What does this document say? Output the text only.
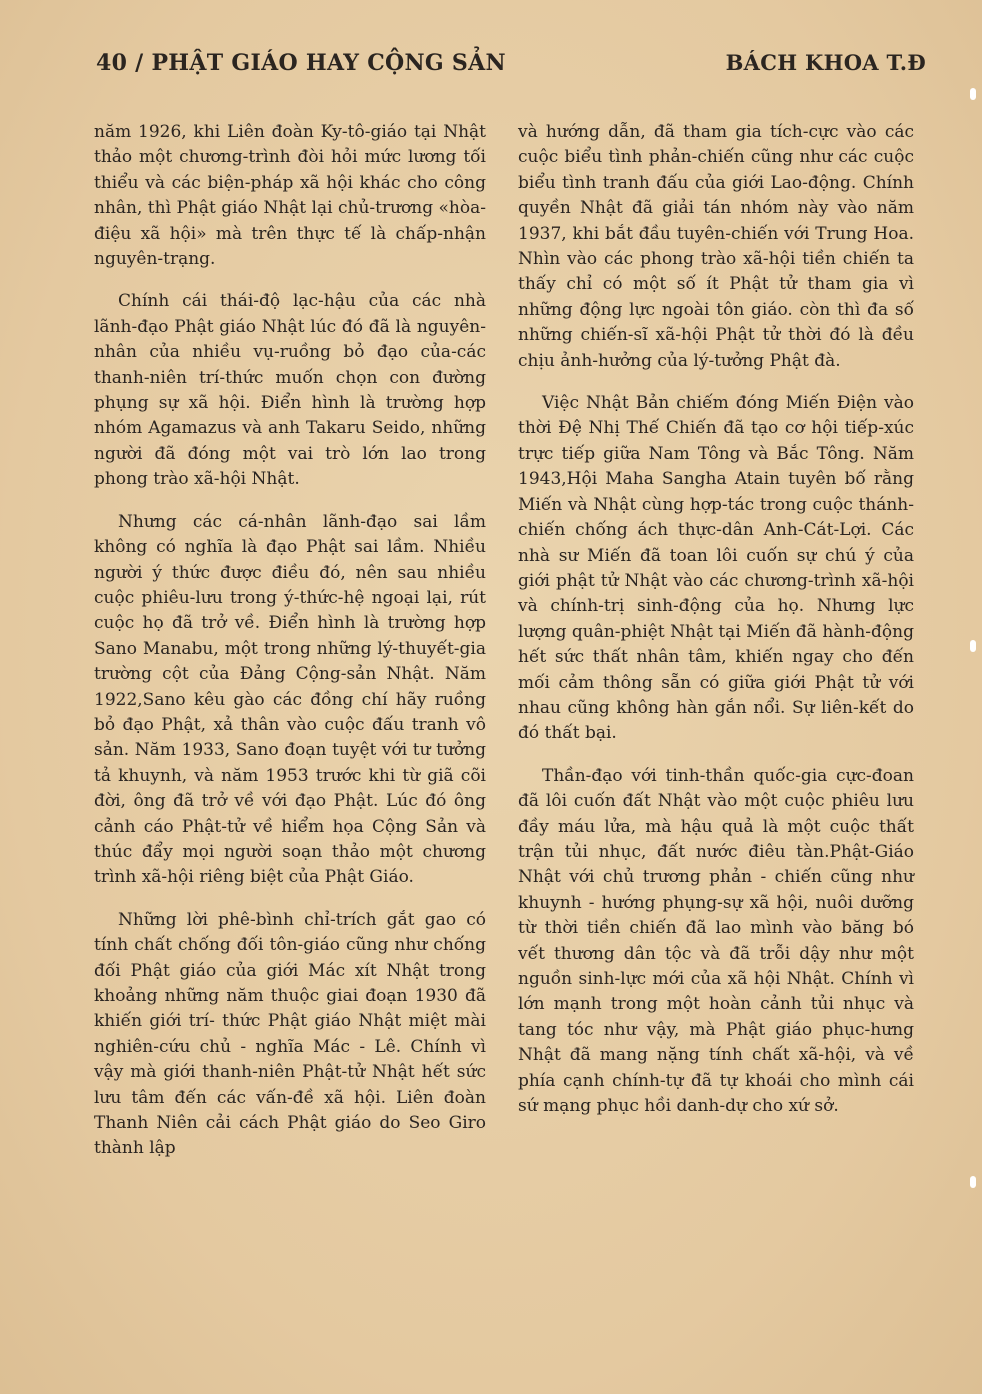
40 / PHẬT GIÁO HAY CỘNG SẢN	BÁCH KHOA T.Đ

năm 1926, khi Liên đoàn Ky-tô-giáo tại Nhật thảo một chương-trình đòi hỏi mức lương tối thiểu và các biện-pháp xã hội khác cho công nhân, thì Phật giáo Nhật lại chủ-trương «hòa-điệu xã hội» mà trên thực tế là chấp-nhận nguyên-trạng.

Chính cái thái-độ lạc-hậu của các nhà lãnh-đạo Phật giáo Nhật lúc đó đã là nguyên-nhân của nhiều vụ-ruồng bỏ đạo của-các thanh-niên trí-thức muốn chọn con đường phụng sự xã hội. Điển hình là trường hợp nhóm Agamazus và anh Takaru Seido, những người đã đóng một vai trò lớn lao trong phong trào xã-hội Nhật.

Nhưng các cá-nhân lãnh-đạo sai lầm không có nghĩa là đạo Phật sai lầm. Nhiều người ý thức được điều đó, nên sau nhiều cuộc phiêu-lưu trong ý-thức-hệ ngoại lại, rút cuộc họ đã trở về. Điển hình là trường hợp Sano Manabu, một trong những lý-thuyết-gia trường cột của Đảng Cộng-sản Nhật. Năm 1922,Sano kêu gào các đồng chí hãy ruồng bỏ đạo Phật, xả thân vào cuộc đấu tranh vô sản. Năm 1933, Sano đoạn tuyệt với tư tưởng tả khuynh, và năm 1953 trước khi từ giã cõi đời, ông đã trở về với đạo Phật. Lúc đó ông cảnh cáo Phật-tử về hiểm họa Cộng Sản và thúc đẩy mọi người soạn thảo một chương trình xã-hội riêng biệt của Phật Giáo.

Những lời phê-bình chỉ-trích gắt gao có tính chất chống đối tôn-giáo cũng như chống đối Phật giáo của giới Mác xít Nhật trong khoảng những năm thuộc giai đoạn 1930 đã khiến giới trí- thức Phật giáo Nhật miệt mài nghiên-cứu chủ - nghĩa Mác - Lê. Chính vì vậy mà giới thanh-niên Phật-tử Nhật hết sức lưu tâm đến các vấn-đề xã hội. Liên đoàn Thanh Niên cải cách Phật giáo do Seo Giro thành lập

và hướng dẫn, đã tham gia tích-cực vào các cuộc biểu tình phản-chiến cũng như các cuộc biểu tình tranh đấu của giới Lao-động. Chính quyền Nhật đã giải tán nhóm này vào năm 1937, khi bắt đầu tuyên-chiến với Trung Hoa. Nhìn vào các phong trào xã-hội tiền chiến ta thấy chỉ có một số ít Phật tử tham gia vì những động lực ngoài tôn giáo. còn thì đa số những chiến-sĩ xã-hội Phật tử thời đó là đều chịu ảnh-hưởng của lý-tưởng Phật đà.

Việc Nhật Bản chiếm đóng Miến Điện vào thời Đệ Nhị Thế Chiến đã tạo cơ hội tiếp-xúc trực tiếp giữa Nam Tông và Bắc Tông. Năm 1943,Hội Maha Sangha Atain tuyên bố rằng Miến và Nhật cùng hợp-tác trong cuộc thánh-chiến chống ách thực-dân Anh-Cát-Lợi. Các nhà sư Miến đã toan lôi cuốn sự chú ý của giới phật tử Nhật vào các chương-trình xã-hội và chính-trị sinh-động của họ. Nhưng lực lượng quân-phiệt Nhật tại Miến đã hành-động hết sức thất nhân tâm, khiến ngay cho đến mối cảm thông sẵn có giữa giới Phật tử với nhau cũng không hàn gắn nổi. Sự liên-kết do đó thất bại.

Thần-đạo với tinh-thần quốc-gia cực-đoan đã lôi cuốn đất Nhật vào một cuộc phiêu lưu đầy máu lửa, mà hậu quả là một cuộc thất trận tủi nhục, đất nước điêu tàn.Phật-Giáo Nhật với chủ trương phản - chiến cũng như khuynh - hướng phụng-sự xã hội, nuôi dưỡng từ thời tiền chiến đã lao mình vào băng bó vết thương dân tộc và đã trỗi dậy như một nguồn sinh-lực mới của xã hội Nhật. Chính vì lớn mạnh trong một hoàn cảnh tủi nhục và tang tóc như vậy, mà Phật giáo phục-hưng Nhật đã mang nặng tính chất xã-hội, và về phía cạnh chính-tự đã tự khoái cho mình cái sứ mạng phục hồi danh-dự cho xứ sở.
